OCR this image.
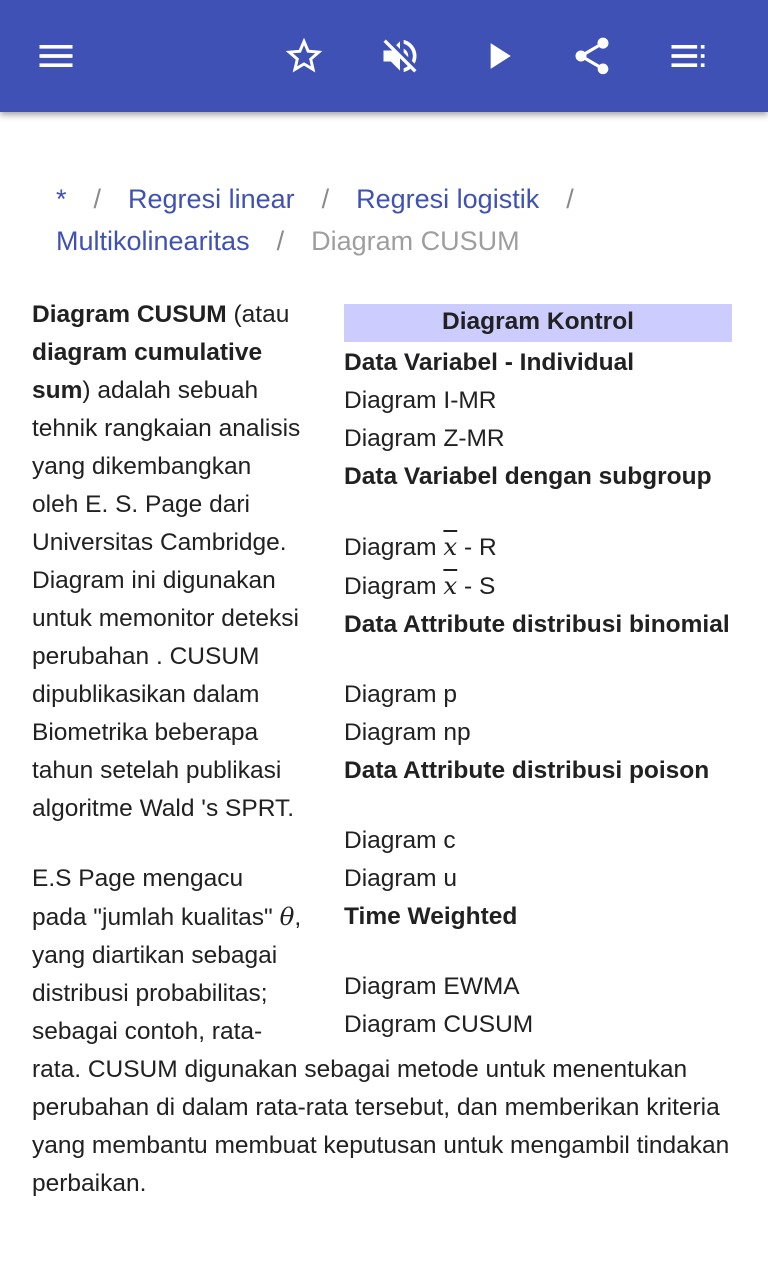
* / Regresi linear / Regresi logistik /
Multikolinearitas / Diagram CUSUM
Diagram Kontrol
Data Variabel - Individual
Diagram I-MR
Diagram Z-MR
Data Variabel dengan subgroup
Diagram $\overline{x}$ - R
Diagram $\overline{x}$ - S
Data Attribute distribusi binomial
Diagram p
Diagram np
Data Attribute distribusi poison
Diagram c
Diagram u
Time Weighted
Diagram EWMA
Diagram CUSUM

Diagram CUSUM (atau diagram cumulative sum) adalah sebuah tehnik rangkaian analisis yang dikembangkan oleh E. S. Page dari Universitas Cambridge. Diagram ini digunakan untuk memonitor deteksi perubahan . CUSUM dipublikasikan dalam Biometrika beberapa tahun setelah publikasi algoritme Wald 's SPRT.

E.S Page mengacu pada "jumlah kualitas" θ, yang diartikan sebagai distribusi probabilitas; sebagai contoh, rata-rata. CUSUM digunakan sebagai metode untuk menentukan perubahan di dalam rata-rata tersebut, dan memberikan kriteria yang membantu membuat keputusan untuk mengambil tindakan perbaikan.
